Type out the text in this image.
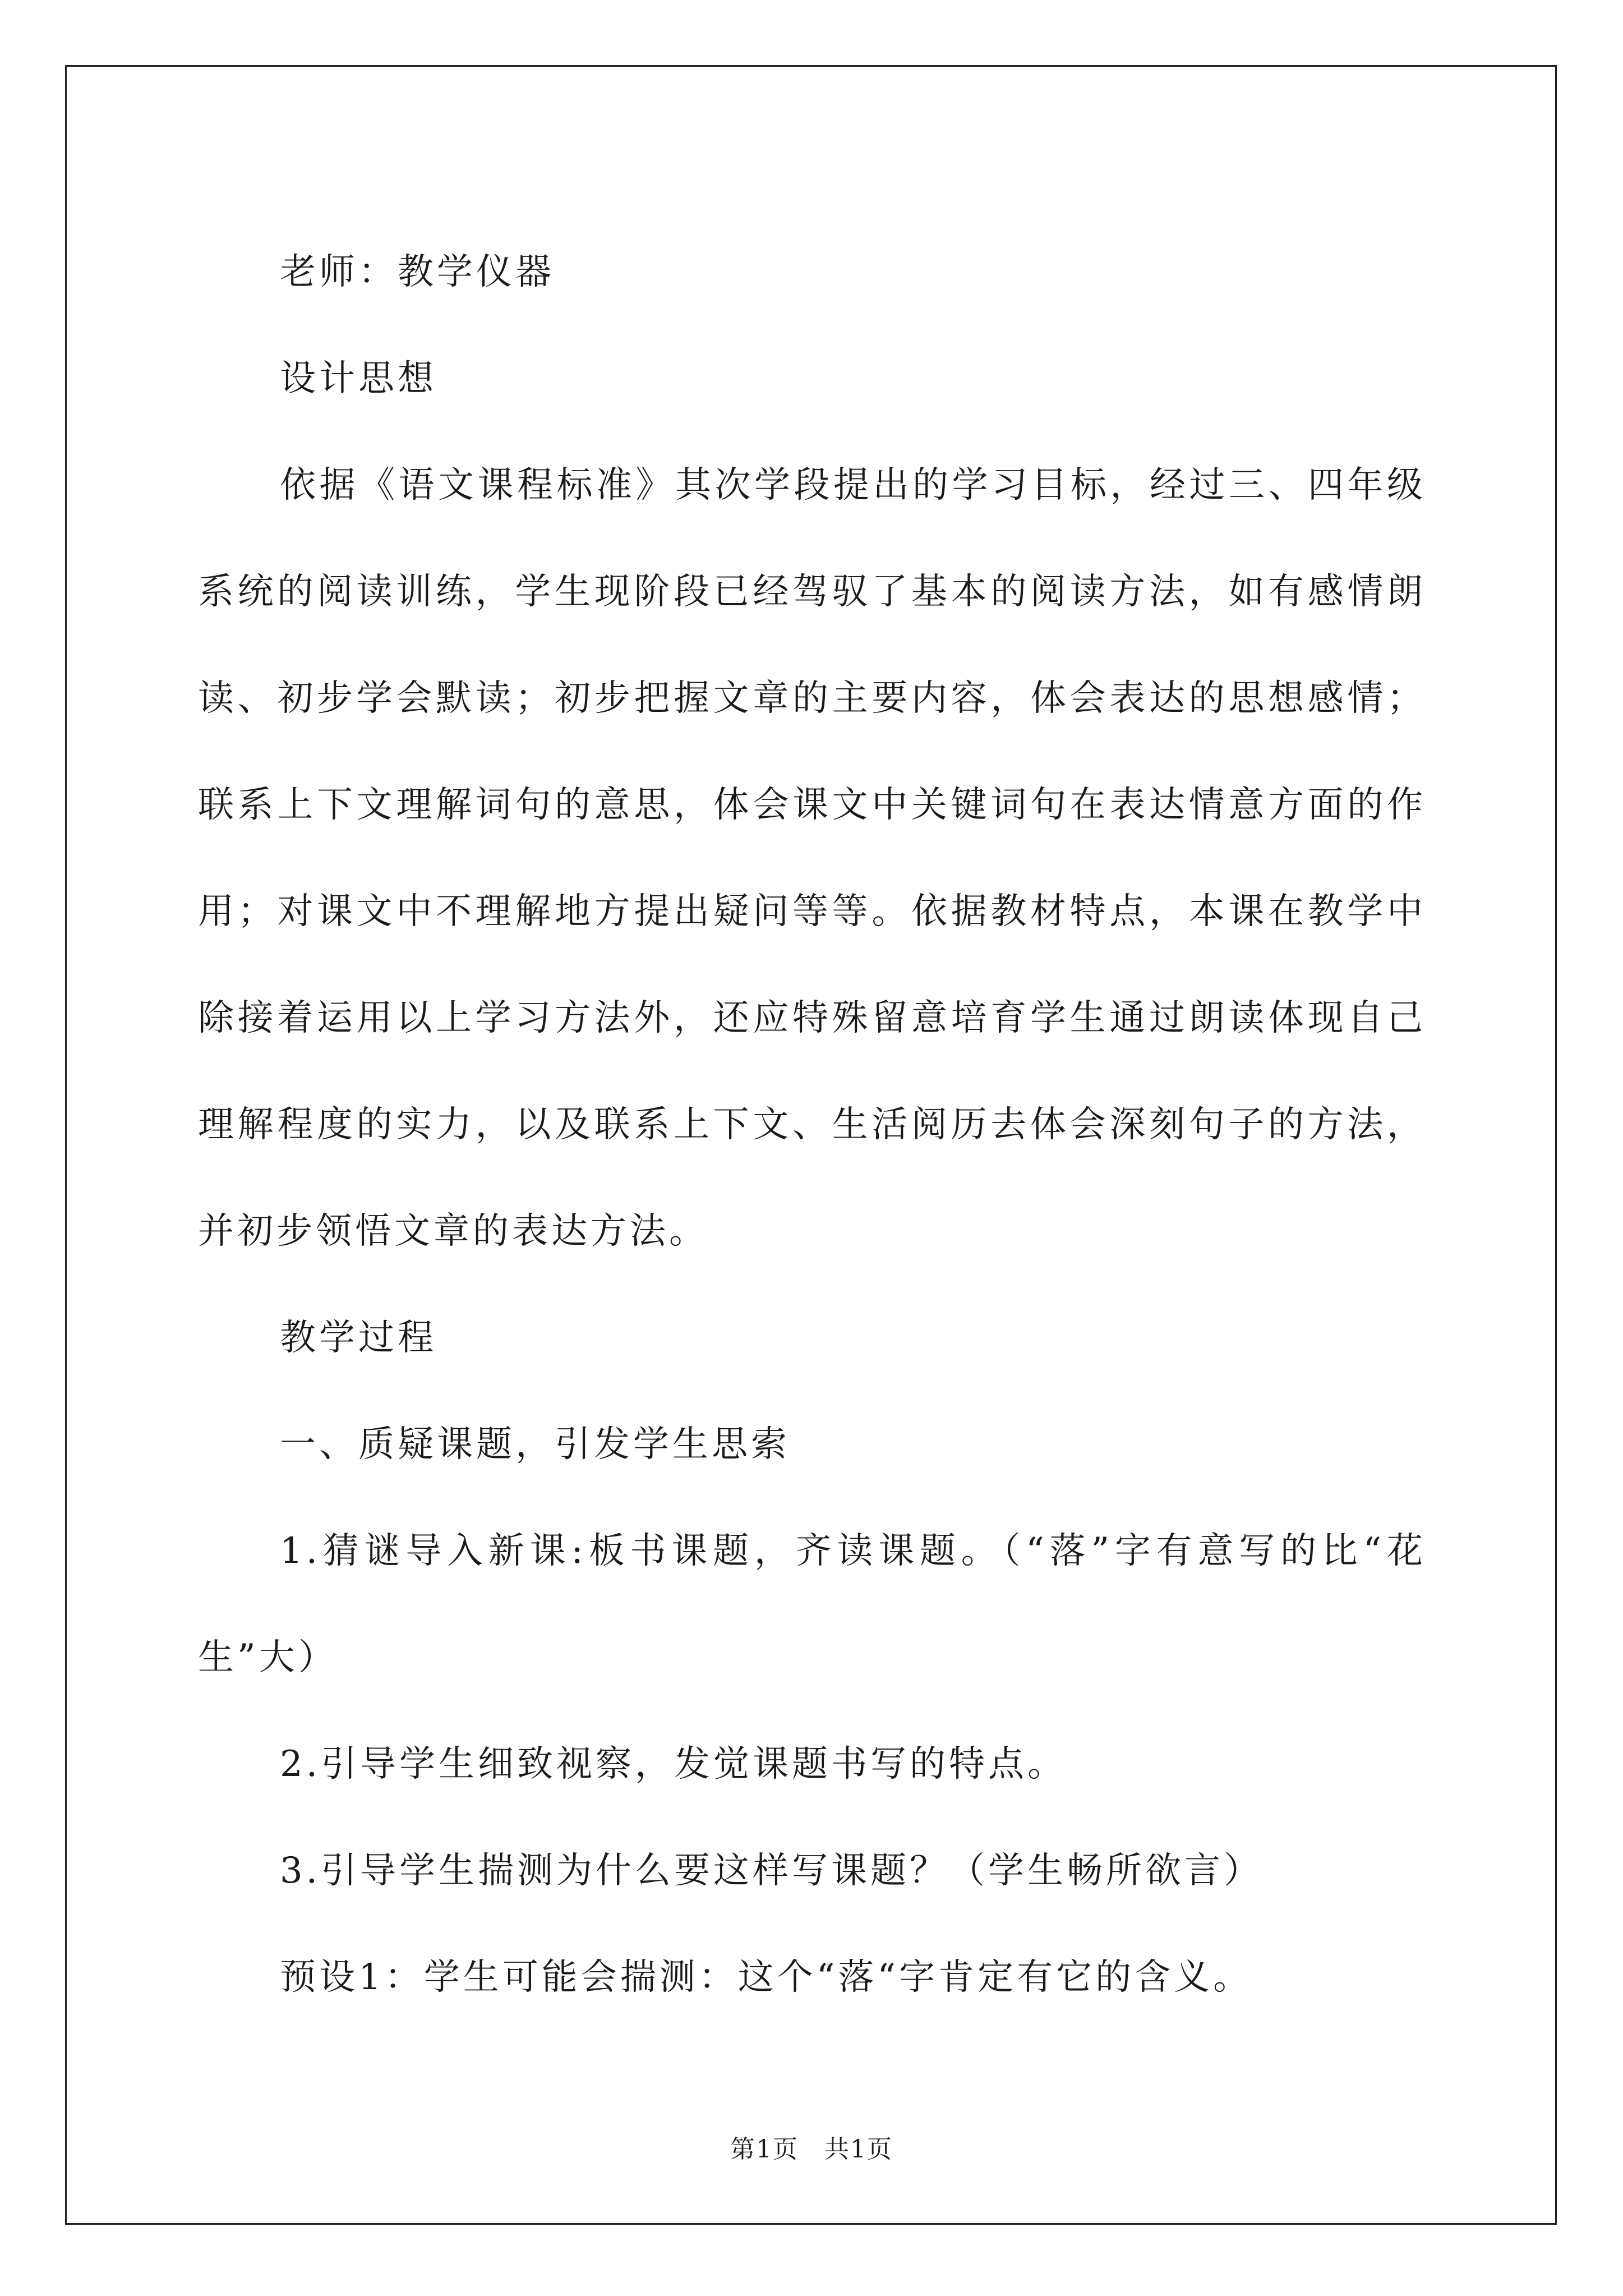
老师：教学仪器

设计思想

依据《语文课程标准》其次学段提出的学习目标，经过三、四年级系统的阅读训练，学生现阶段已经驾驭了基本的阅读方法，如有感情朗读、初步学会默读；初步把握文章的主要内容，体会表达的思想感情；联系上下文理解词句的意思，体会课文中关键词句在表达情意方面的作用；对课文中不理解地方提出疑问等等。依据教材特点，本课在教学中除接着运用以上学习方法外，还应特殊留意培育学生通过朗读体现自己理解程度的实力，以及联系上下文、生活阅历去体会深刻句子的方法，并初步领悟文章的表达方法。

教学过程

一、质疑课题，引发学生思索

1.猜谜导入新课:板书课题，齐读课题。（“落”字有意写的比“花生”大）

2.引导学生细致视察，发觉课题书写的特点。

3.引导学生揣测为什么要这样写课题？（学生畅所欲言）

预设1：学生可能会揣测：这个“落“字肯定有它的含义。

第1页　共1页
